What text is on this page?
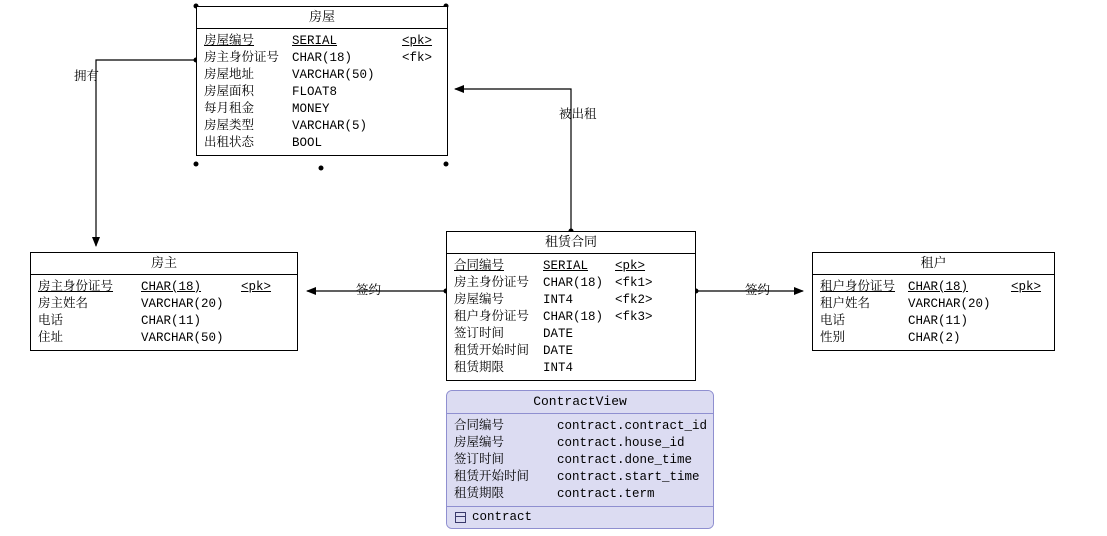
房屋
房屋编号	SERIAL	<pk>
房主身份证号	CHAR(18)	<fk>
房屋地址	VARCHAR(50)
房屋面积	FLOAT8
每月租金	MONEY
房屋类型	VARCHAR(5)
出租状态	BOOL
房主
房主身份证号	CHAR(18)	<pk>
房主姓名	VARCHAR(20)
电话	CHAR(11)
住址	VARCHAR(50)
租户
租户身份证号	CHAR(18)	<pk>
租户姓名	VARCHAR(20)
电话	CHAR(11)
性别	CHAR(2)
租赁合同
合同编号	SERIAL	<pk>
房主身份证号	CHAR(18) <fk1>
房屋编号	INT4	<fk2>
租户身份证号	CHAR(18) <fk3>
签订时间	DATE
租赁开始时间	DATE
租赁期限	INT4
ContractView
合同编号	contract.contract_id
房屋编号	contract.house_id
签订时间	contract.done_time
租赁开始时间	contract.start_time
租赁期限	contract.term
contract
拥有
被出租
签约	签约
